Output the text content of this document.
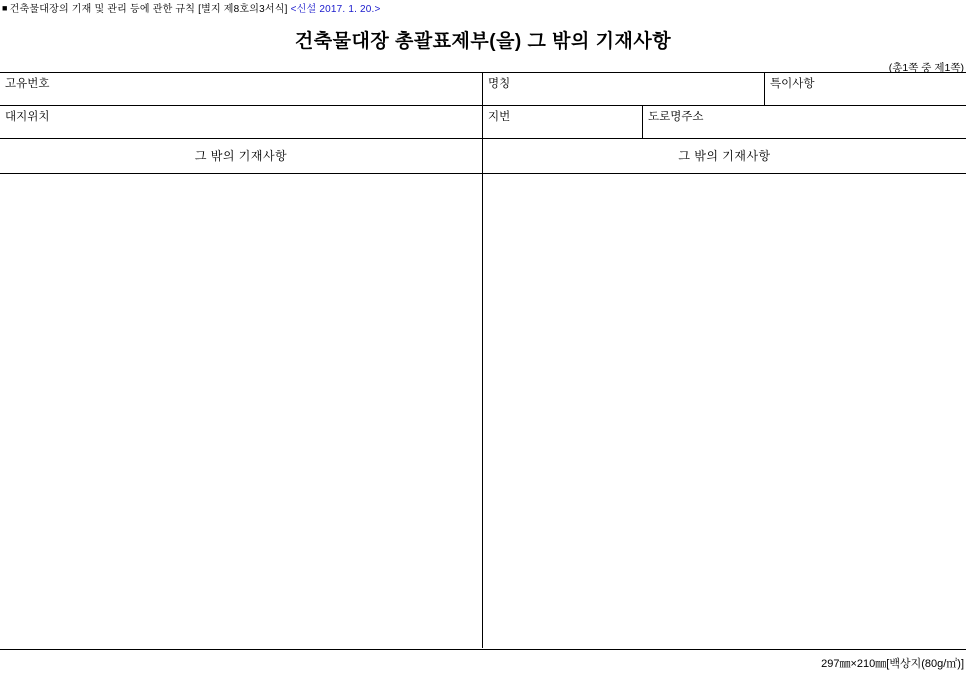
■ 건축물대장의 기재 및 관리 등에 관한 규칙 [별지 제8호의3서식] <신설 2017. 1. 20.>
건축물대장 총괄표제부(을) 그 밖의 기재사항
(총1쪽 중 제1쪽)
고유번호	명칭	특이사항
대지위치	지번	도로명주소
그 밖의 기재사항	그 밖의 기재사항
297㎜×210㎜[백상지(80g/㎡)]
